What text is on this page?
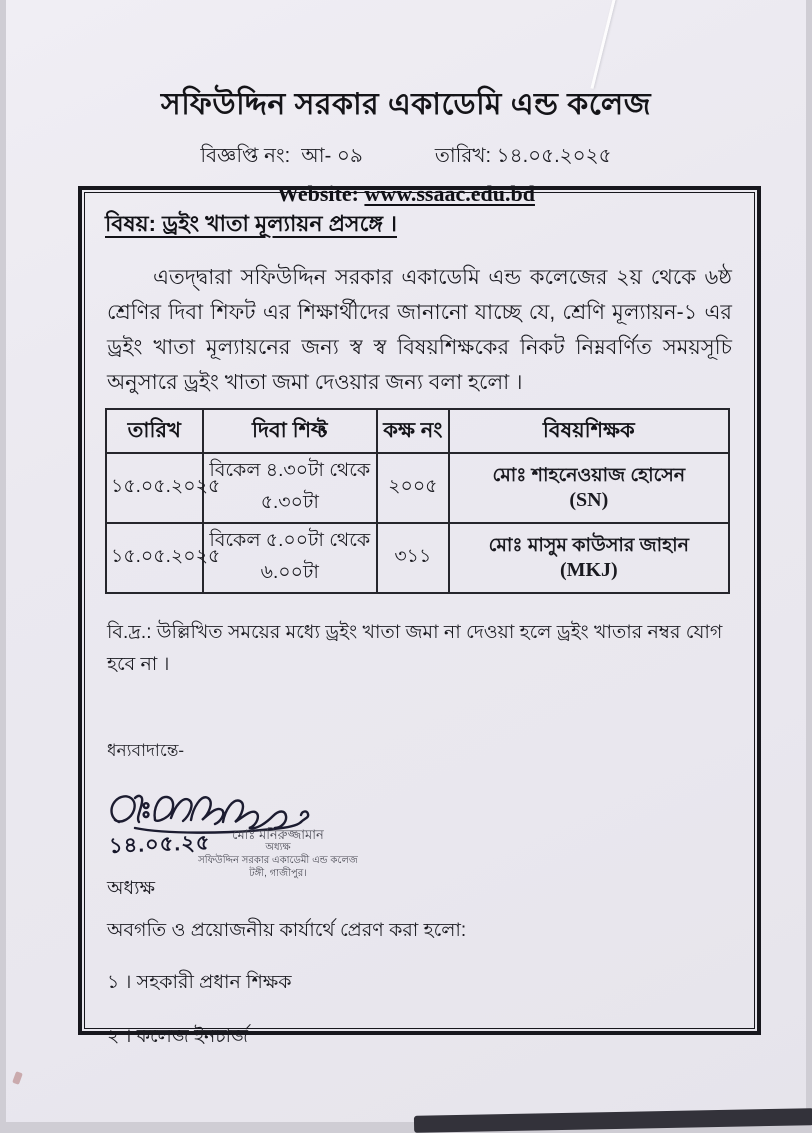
সফিউদ্দিন সরকার একাডেমি এন্ড কলেজ
বিজ্ঞপ্তি নং: আ- ০৯	তারিখ: ১৪.০৫.২০২৫
Website: www.ssaac.edu.bd

বিষয়: ড্রইং খাতা মূল্যায়ন প্রসঙ্গে ।

এতদ্দ্বারা সফিউদ্দিন সরকার একাডেমি এন্ড কলেজের ২য় থেকে ৬ষ্ঠ শ্রেণির দিবা শিফট এর শিক্ষার্থীদের জানানো যাচ্ছে যে, শ্রেণি মূল্যায়ন-১ এর ড্রইং খাতা মূল্যায়নের জন্য স্ব স্ব বিষয়শিক্ষকের নিকট নিম্নবর্ণিত সময়সূচি অনুসারে ড্রইং খাতা জমা দেওয়ার জন্য বলা হলো ।

তারিখ	দিবা শিফ্ট	কক্ষ নং	বিষয়শিক্ষক
১৫.০৫.২০২৫	বিকেল ৪.৩০টা থেকে ৫.৩০টা	২০০৫	মোঃ শাহনেওয়াজ হোসেন
(SN)

১৫.০৫.২০২৫	বিকেল ৫.০০টা থেকে ৬.০০টা	৩১১	মোঃ মাসুম কাউসার জাহান
(MKJ)

বি.দ্র.: উল্লিখিত সময়ের মধ্যে ড্রইং খাতা জমা না দেওয়া হলে ড্রইং খাতার নম্বর যোগ হবে না ।

ধন্যবাদান্তে-

১৪.০৫.২৫	মোঃ মনিরুজ্জামান
অধ্যক্ষ
সফিউদ্দিন সরকার একাডেমী এন্ড কলেজ
টঙ্গী, গাজীপুর।
অধ্যক্ষ

অবগতি ও প্রয়োজনীয় কার্যার্থে প্রেরণ করা হলো:

১ । সহকারী প্রধান শিক্ষক

২ । কলেজ ইনচার্জ
